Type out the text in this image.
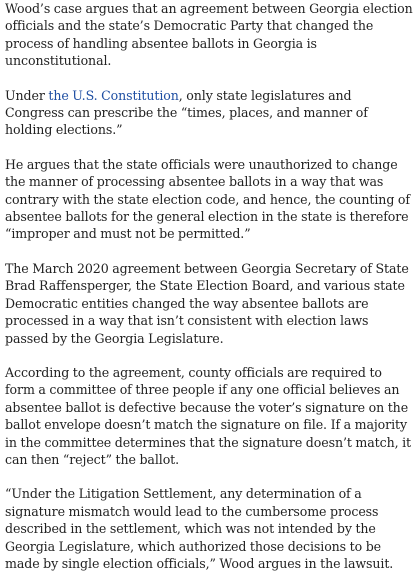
Wood’s case argues that an agreement between Georgia election officials and the state’s Democratic Party that changed the process of handling absentee ballots in Georgia is unconstitutional.

Under the U.S. Constitution, only state legislatures and Congress can prescribe the “times, places, and manner of holding elections.”

He argues that the state officials were unauthorized to change the manner of processing absentee ballots in a way that was contrary with the state election code, and hence, the counting of absentee ballots for the general election in the state is therefore “improper and must not be permitted.”

The March 2020 agreement between Georgia Secretary of State Brad Raffensperger, the State Election Board, and various state Democratic entities changed the way absentee ballots are processed in a way that isn’t consistent with election laws passed by the Georgia Legislature.

According to the agreement, county officials are required to form a committee of three people if any one official believes an absentee ballot is defective because the voter’s signature on the ballot envelope doesn’t match the signature on file. If a majority in the committee determines that the signature doesn’t match, it can then “reject” the ballot.

“Under the Litigation Settlement, any determination of a signature mismatch would lead to the cumbersome process described in the settlement, which was not intended by the Georgia Legislature, which authorized those decisions to be made by single election officials,” Wood argues in the lawsuit.
